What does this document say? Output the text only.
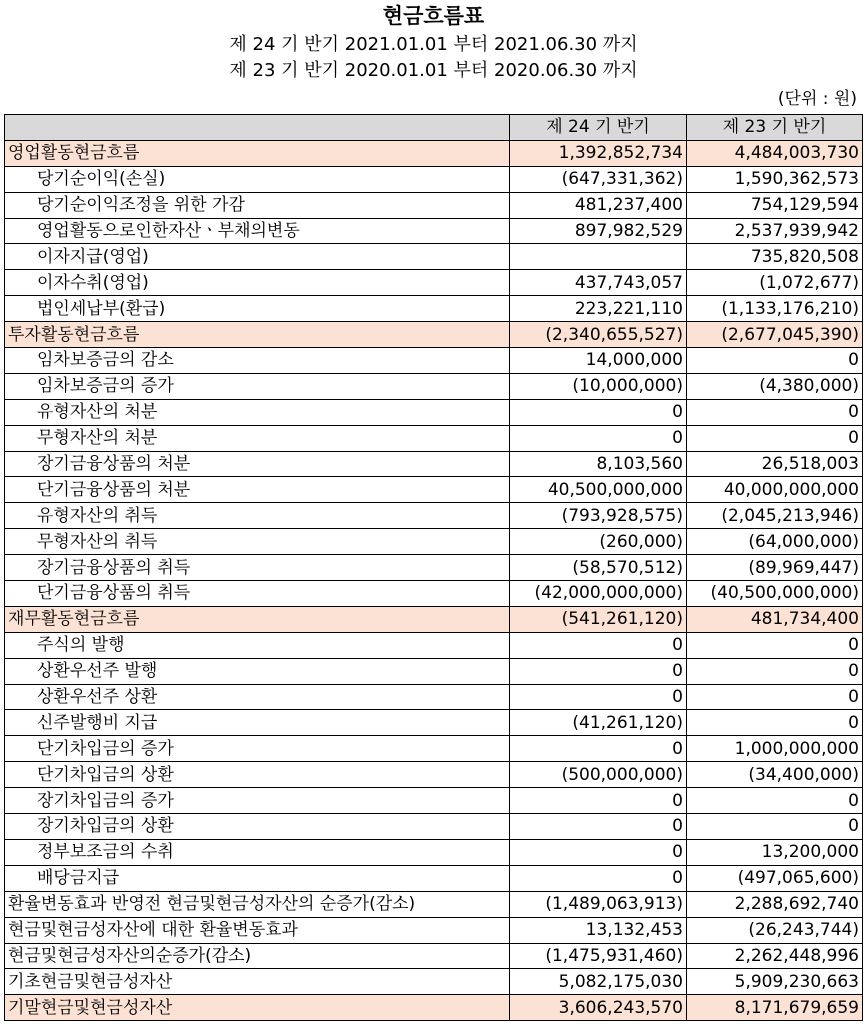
현금흐름표
제 24 기 반기 2021.01.01 부터 2021.06.30 까지
제 23 기 반기 2020.01.01 부터 2020.06.30 까지
(단위 : 원)
	제 24 기 반기	제 23 기 반기
영업활동현금흐름	1,392,852,734	4,484,003,730
당기순이익(손실)	(647,331,362)	1,590,362,573
당기순이익조정을 위한 가감	481,237,400	754,129,594
영업활동으로인한자산ㆍ부채의변동	897,982,529	2,537,939,942
이자지급(영업)		735,820,508
이자수취(영업)	437,743,057	(1,072,677)
법인세납부(환급)	223,221,110	(1,133,176,210)
투자활동현금흐름	(2,340,655,527)	(2,677,045,390)
임차보증금의 감소	14,000,000	0
임차보증금의 증가	(10,000,000)	(4,380,000)
유형자산의 처분	0	0
무형자산의 처분	0	0
장기금융상품의 처분	8,103,560	26,518,003
단기금융상품의 처분	40,500,000,000	40,000,000,000
유형자산의 취득	(793,928,575)	(2,045,213,946)
무형자산의 취득	(260,000)	(64,000,000)
장기금융상품의 취득	(58,570,512)	(89,969,447)
단기금융상품의 취득	(42,000,000,000)	(40,500,000,000)
재무활동현금흐름	(541,261,120)	481,734,400
주식의 발행	0	0
상환우선주 발행	0	0
상환우선주 상환	0	0
신주발행비 지급	(41,261,120)	0
단기차입금의 증가	0	1,000,000,000
단기차입금의 상환	(500,000,000)	(34,400,000)
장기차입금의 증가	0	0
장기차입금의 상환	0	0
정부보조금의 수취	0	13,200,000
배당금지급	0	(497,065,600)
환율변동효과 반영전 현금및현금성자산의 순증가(감소)	(1,489,063,913)	2,288,692,740
현금및현금성자산에 대한 환율변동효과	13,132,453	(26,243,744)
현금및현금성자산의순증가(감소)	(1,475,931,460)	2,262,448,996
기초현금및현금성자산	5,082,175,030	5,909,230,663
기말현금및현금성자산	3,606,243,570	8,171,679,659
